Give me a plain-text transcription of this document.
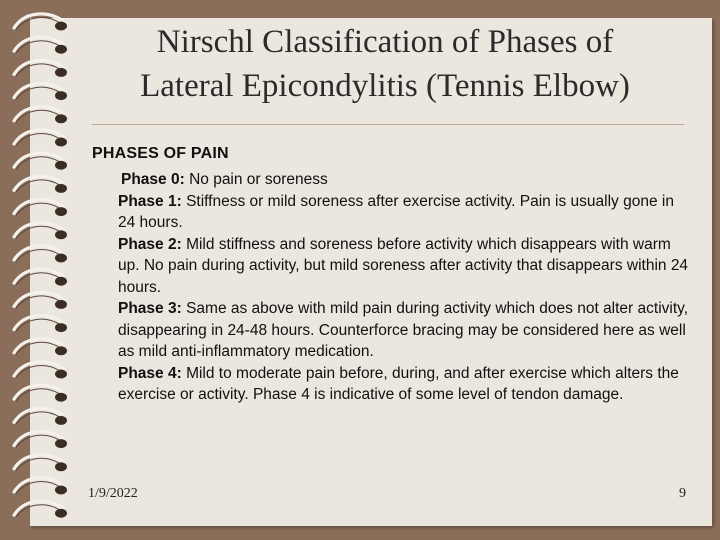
Nirschl Classification of Phases of
Lateral Epicondylitis (Tennis Elbow)
PHASES OF PAIN
Phase 0: No pain or soreness
Phase 1: Stiffness or mild soreness after exercise activity. Pain is usually gone in 24 hours.
Phase 2: Mild stiffness and soreness before activity which disappears with warm up. No pain during activity, but mild soreness after activity that disappears within 24 hours.
Phase 3: Same as above with mild pain during activity which does not alter activity, disappearing in 24-48 hours. Counterforce bracing may be considered here as well as mild anti-inflammatory medication.
Phase 4: Mild to moderate pain before, during, and after exercise which alters the exercise or activity. Phase 4 is indicative of some level of tendon damage.
1/9/2022	9
